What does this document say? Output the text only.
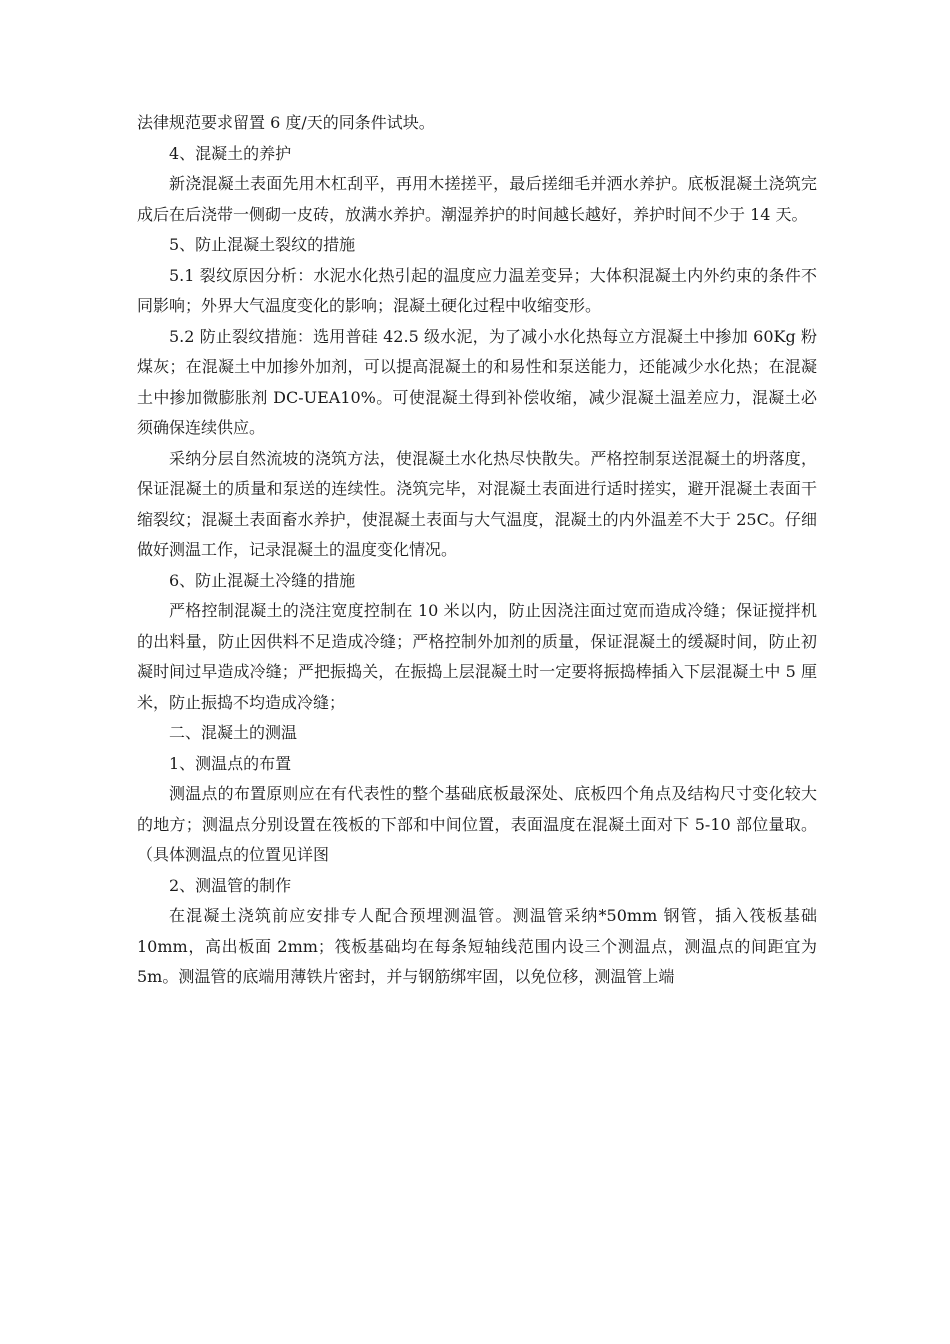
法律规范要求留置 6 度/天的同条件试块。

4、混凝土的养护

新浇混凝土表面先用木杠刮平，再用木搓搓平，最后搓细毛并洒水养护。底板混凝土浇筑完成后在后浇带一侧砌一皮砖，放满水养护。潮湿养护的时间越长越好，养护时间不少于 14 天。

5、防止混凝土裂纹的措施

5.1 裂纹原因分析：水泥水化热引起的温度应力温差变异；大体积混凝土内外约束的条件不同影响；外界大气温度变化的影响；混凝土硬化过程中收缩变形。

5.2 防止裂纹措施：选用普硅 42.5 级水泥，为了减小水化热每立方混凝土中掺加 60Kg 粉煤灰；在混凝土中加掺外加剂，可以提高混凝土的和易性和泵送能力，还能减少水化热；在混凝土中掺加微膨胀剂 DC-UEA10%。可使混凝土得到补偿收缩，减少混凝土温差应力，混凝土必须确保连续供应。

采纳分层自然流坡的浇筑方法，使混凝土水化热尽快散失。严格控制泵送混凝土的坍落度，保证混凝土的质量和泵送的连续性。浇筑完毕，对混凝土表面进行适时搓实，避开混凝土表面干缩裂纹；混凝土表面畜水养护，使混凝土表面与大气温度，混凝土的内外温差不大于 25C。仔细做好测温工作，记录混凝土的温度变化情况。

6、防止混凝土冷缝的措施

严格控制混凝土的浇注宽度控制在 10 米以内，防止因浇注面过宽而造成冷缝；保证搅拌机的出料量，防止因供料不足造成冷缝；严格控制外加剂的质量，保证混凝土的缓凝时间，防止初凝时间过早造成冷缝；严把振捣关，在振捣上层混凝土时一定要将振捣棒插入下层混凝土中 5 厘米，防止振捣不均造成冷缝；

二、混凝土的测温

1、测温点的布置

测温点的布置原则应在有代表性的整个基础底板最深处、底板四个角点及结构尺寸变化较大的地方；测温点分别设置在筏板的下部和中间位置，表面温度在混凝土面对下 5-10 部位量取。（具体测温点的位置见详图

2、测温管的制作

在混凝土浇筑前应安排专人配合预埋测温管。测温管采纳*50mm 钢管，插入筏板基础 10mm，高出板面 2mm；筏板基础均在每条短轴线范围内设三个测温点，测温点的间距宜为 5m。测温管的底端用薄铁片密封，并与钢筋绑牢固，以免位移，测温管上端
